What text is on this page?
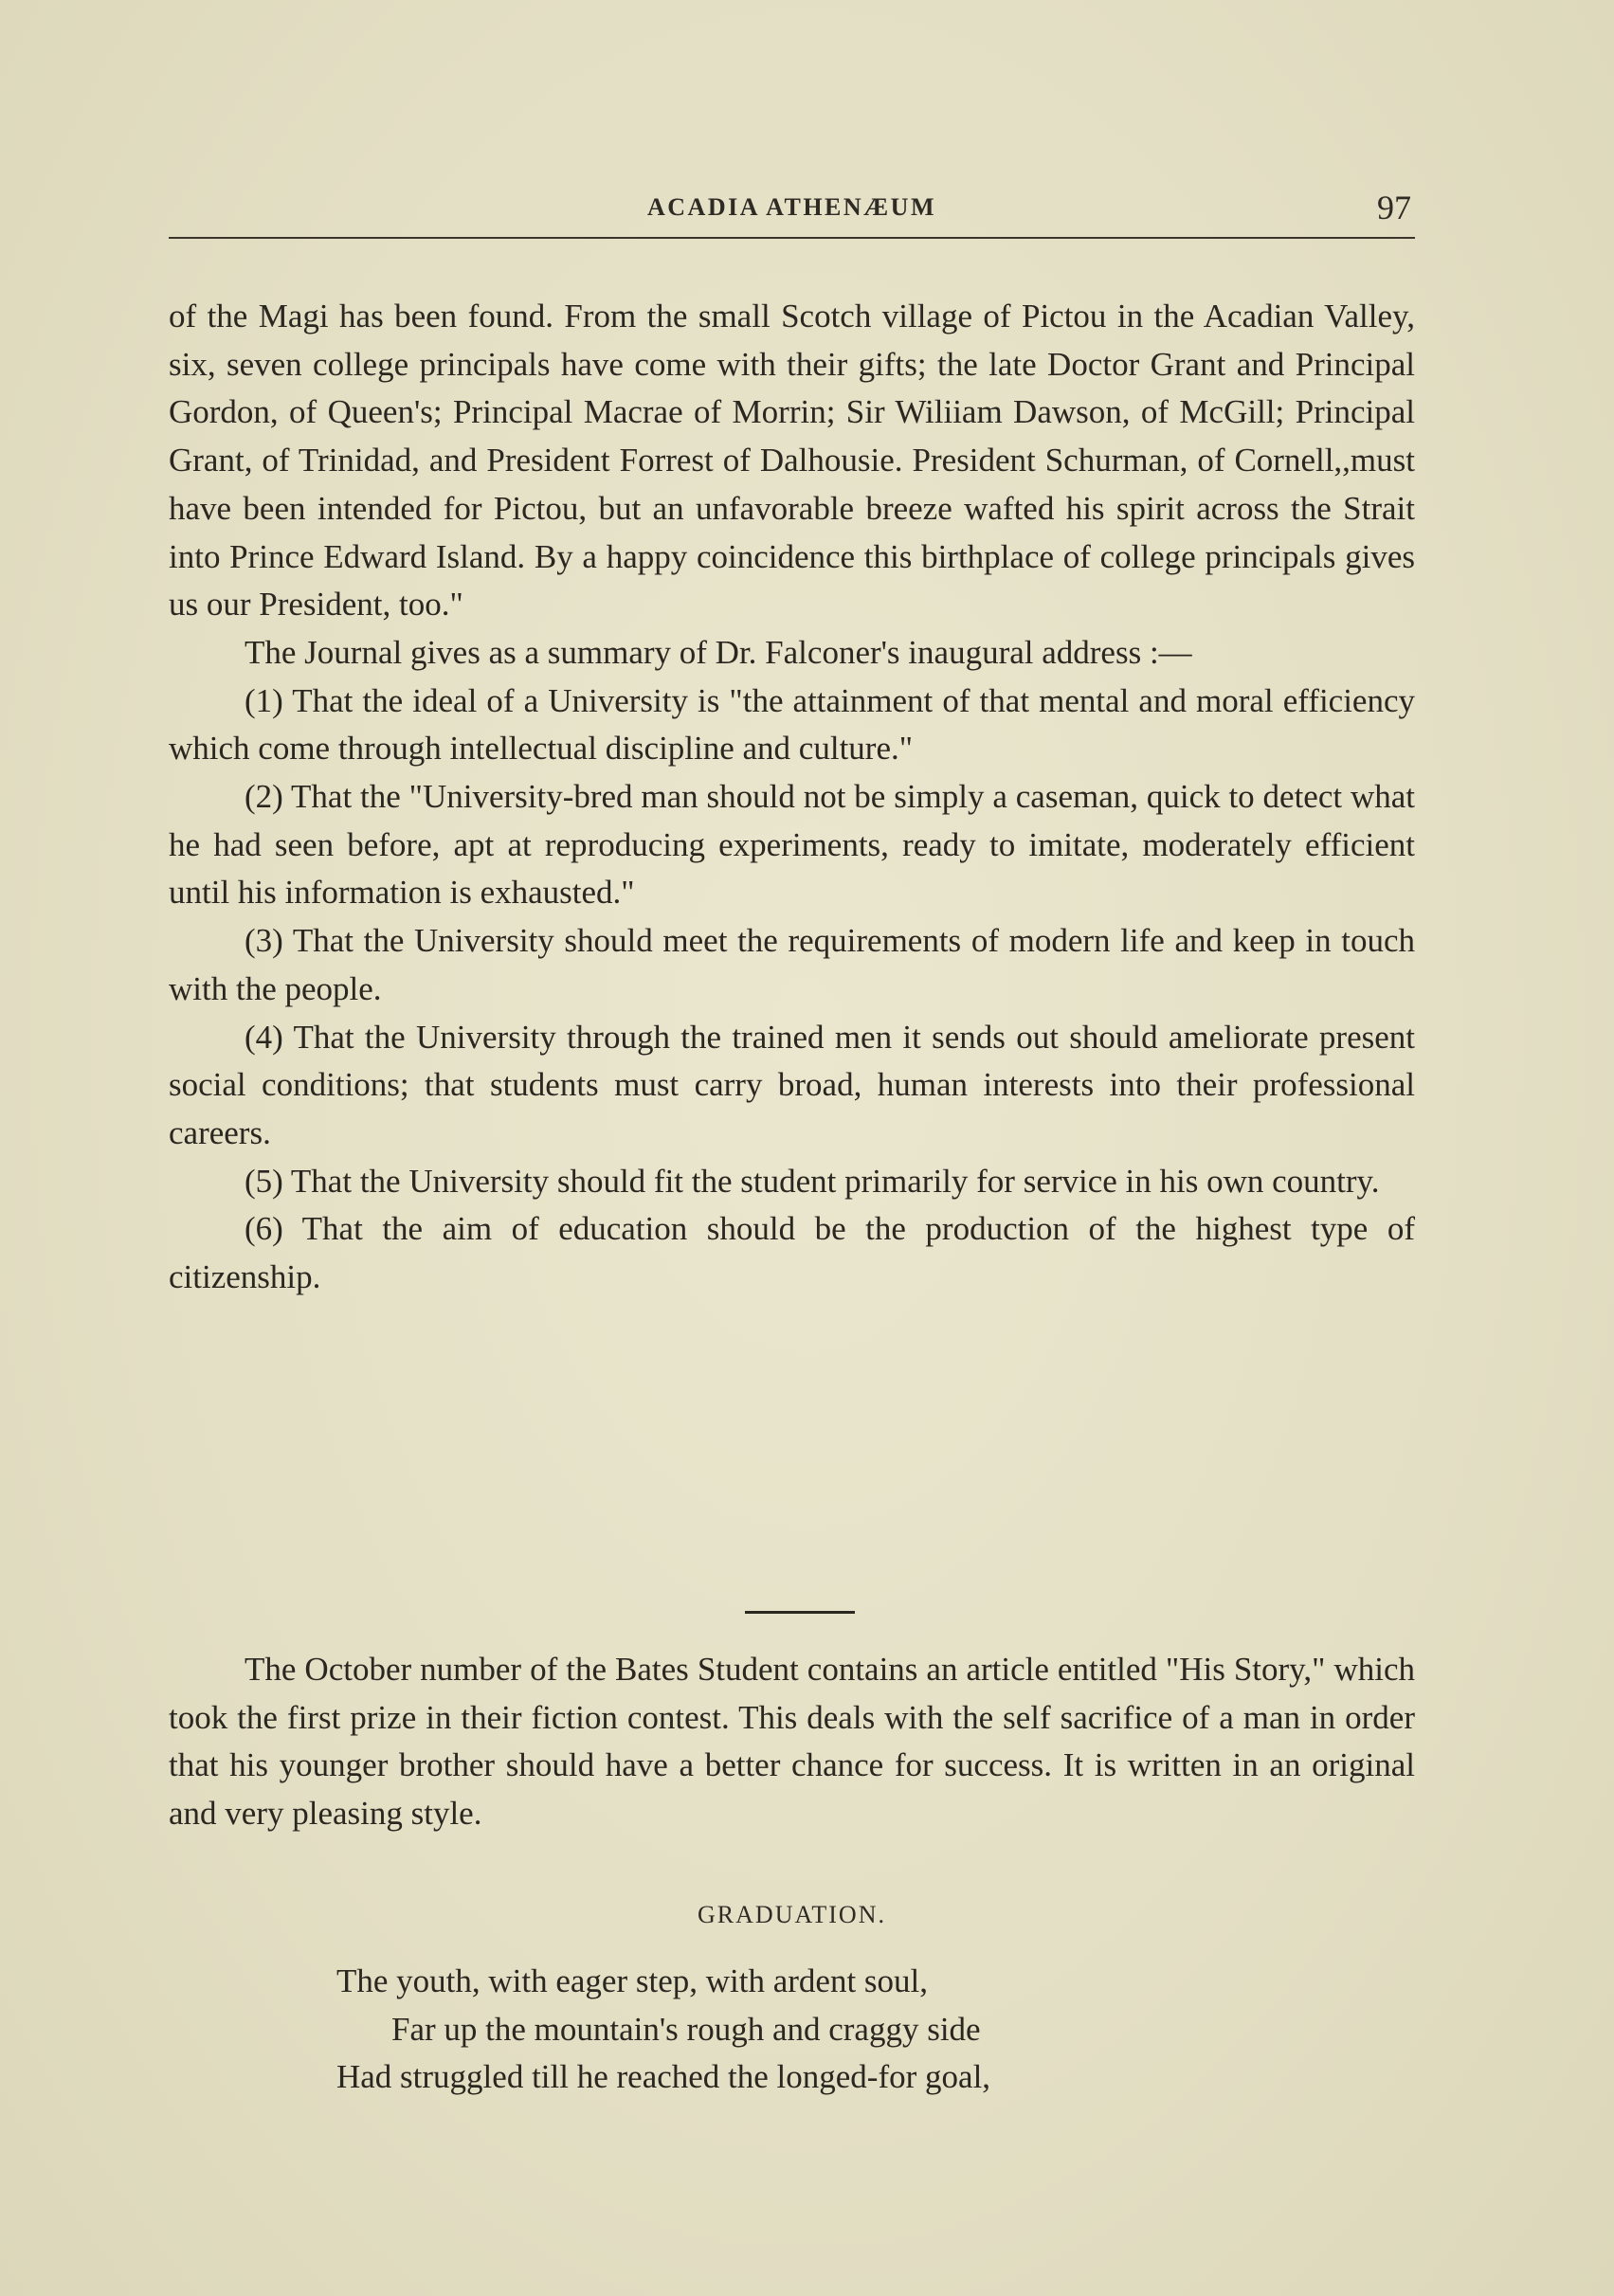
ACADIA ATHENÆUM	97

of the Magi has been found. From the small Scotch village of Pictou in the Acadian Valley, six, seven college principals have come with their gifts; the late Doctor Grant and Principal Gordon, of Queen's; Principal Macrae of Morrin; Sir Wiliiam Dawson, of McGill; Principal Grant, of Trinidad, and President Forrest of Dalhousie. President Schurman, of Cornell,,must have been intended for Pictou, but an unfavorable breeze wafted his spirit across the Strait into Prince Edward Island. By a happy coincidence this birthplace of college principals gives us our President, too."

The Journal gives as a summary of Dr. Falconer's inaugural address :—

(1) That the ideal of a University is "the attainment of that mental and moral efficiency which come through intellectual discipline and culture."

(2) That the "University-bred man should not be simply a caseman, quick to detect what he had seen before, apt at reproducing experiments, ready to imitate, moderately efficient until his information is exhausted."

(3) That the University should meet the requirements of modern life and keep in touch with the people.

(4) That the University through the trained men it sends out should ameliorate present social conditions; that students must carry broad, human interests into their professional careers.

(5) That the University should fit the student primarily for service in his own country.

(6) That the aim of education should be the production of the highest type of citizenship.

The October number of the Bates Student contains an article entitled "His Story," which took the first prize in their fiction contest. This deals with the self sacrifice of a man in order that his younger brother should have a better chance for success. It is written in an original and very pleasing style.

GRADUATION.
The youth, with eager step, with ardent soul,
Far up the mountain's rough and craggy side
Had struggled till he reached the longed-for goal,
